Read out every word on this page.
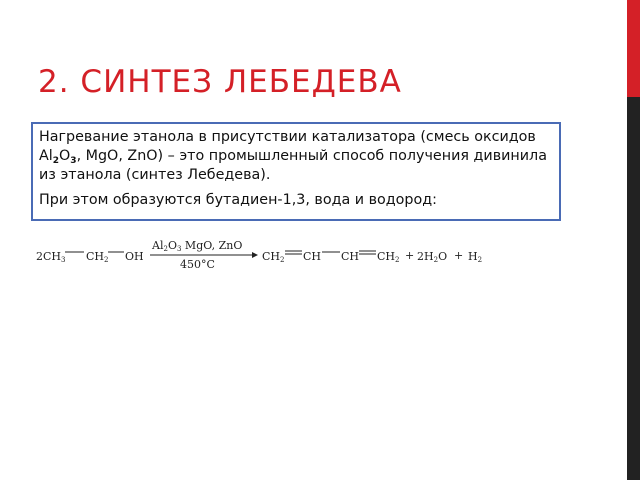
2. СИНТЕЗ ЛЕБЕДЕВА

Нагревание этанола в присутствии катализатора (смесь оксидов $Al_2O_3$, MgO, ZnO) – это промышленный способ получения дивинила из этанола (синтез Лебедева).

При этом образуются бутадиен-1,3, вода и водород:

2 CH3 CH2 OH
Al2O3 MgO, ZnO
450°C
CH2 CH CH CH2 + 2H2O + H2
